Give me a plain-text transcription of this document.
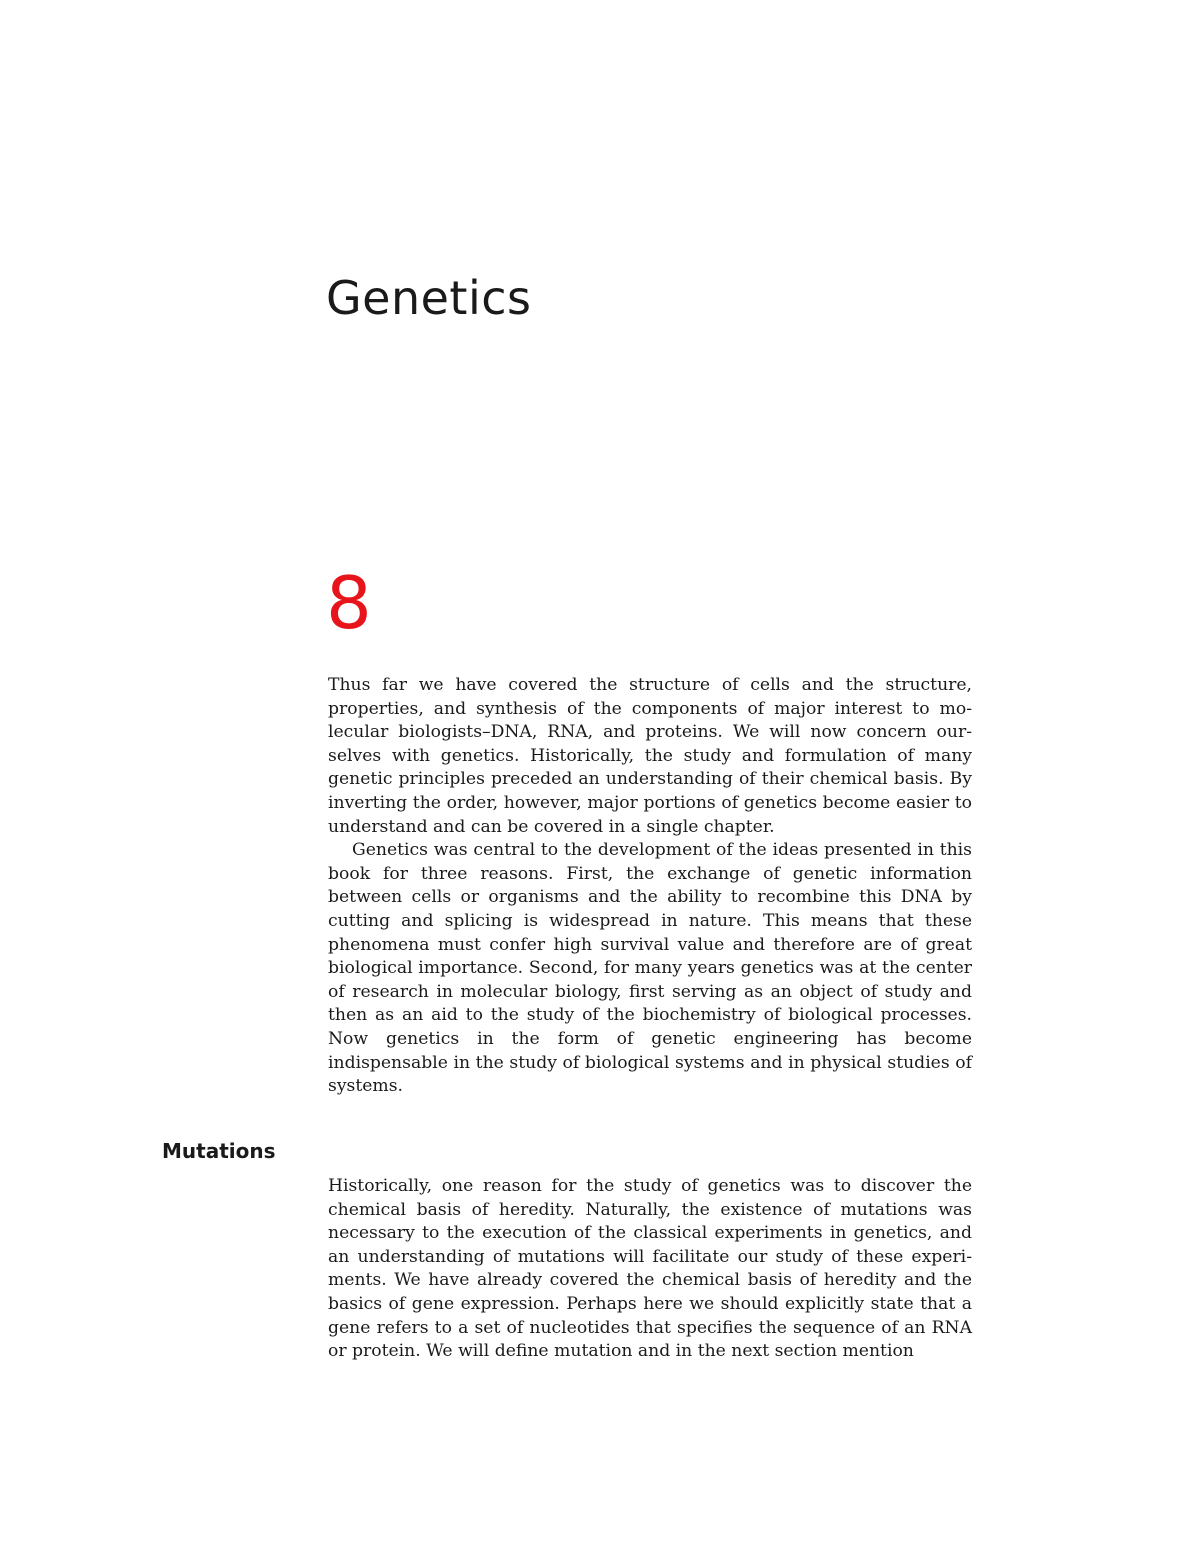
Genetics
8

Thus far we have covered the structure of cells and the structure, properties, and synthesis of the components of major interest to molecular biologists–DNA, RNA, and proteins. We will now concern ourselves with genetics. Historically, the study and formulation of many genetic principles preceded an understanding of their chemical basis. By inverting the order, however, major portions of genetics become easier to understand and can be covered in a single chapter.

Genetics was central to the development of the ideas presented in this book for three reasons. First, the exchange of genetic information between cells or organisms and the ability to recombine this DNA by cutting and splicing is widespread in nature. This means that these phenomena must confer high survival value and therefore are of great biological importance. Second, for many years genetics was at the center of research in molecular biology, first serving as an object of study and then as an aid to the study of the biochemistry of biological processes. Now genetics in the form of genetic engineering has become indispensable in the study of biological systems and in physical studies of systems.

Mutations

Historically, one reason for the study of genetics was to discover the chemical basis of heredity. Naturally, the existence of mutations was necessary to the execution of the classical experiments in genetics, and an understanding of mutations will facilitate our study of these experiments. We have already covered the chemical basis of heredity and the basics of gene expression. Perhaps here we should explicitly state that a gene refers to a set of nucleotides that specifies the sequence of an RNA or protein. We will define mutation and in the next section mention
